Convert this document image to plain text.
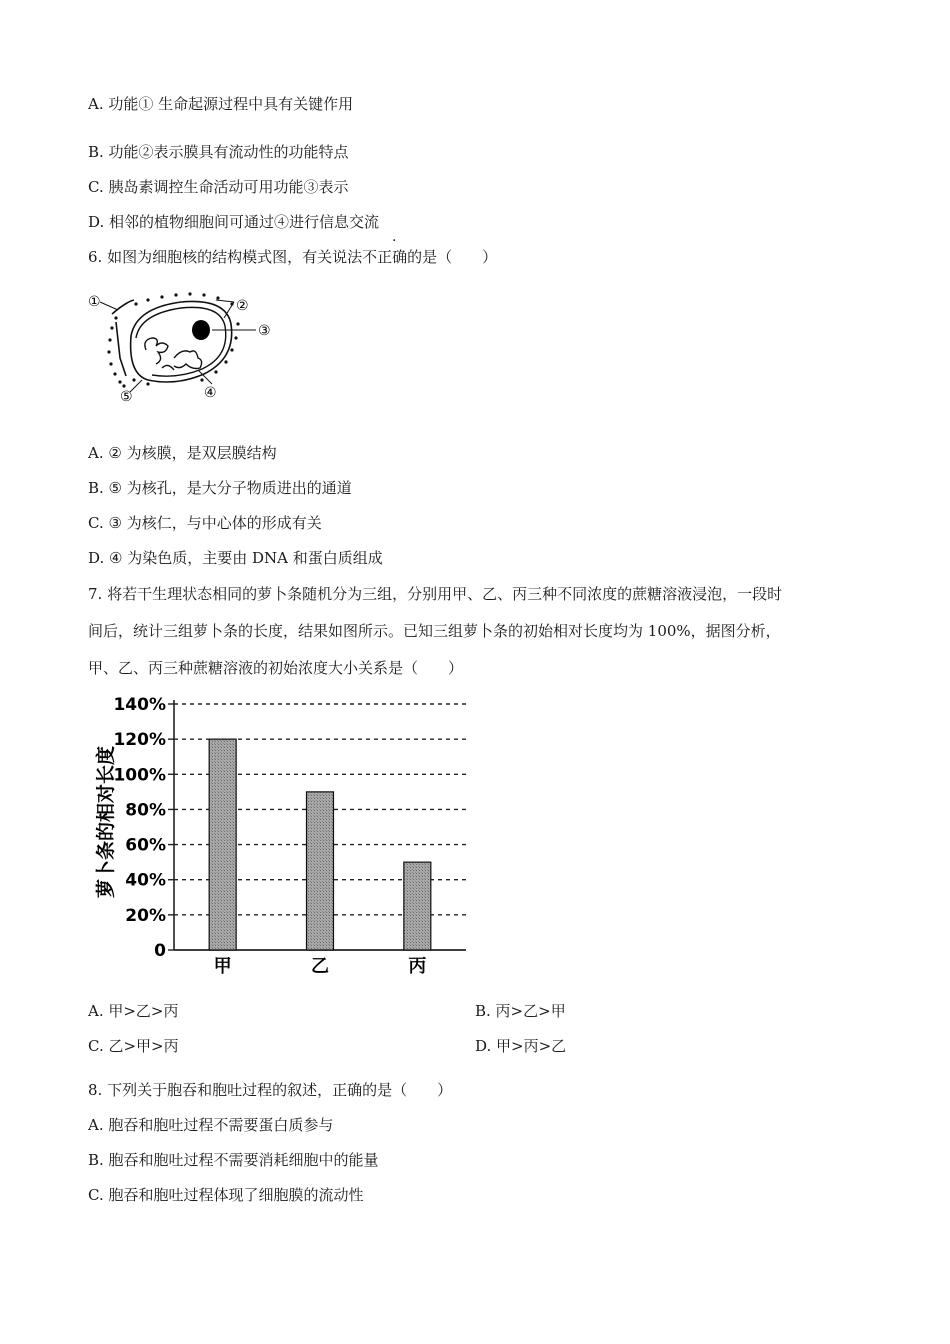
A. 功能① 生命起源过程中具有关键作用
B. 功能②表示膜具有流动性的功能特点
C. 胰岛素调控生命活动可用功能③表示
D. 相邻的植物细胞间可通过④进行信息交流
·
6. 如图为细胞核的结构模式图，有关说法不正确的是（　　）
①	②
③
④
⑤
A. ② 为核膜，是双层膜结构
B. ⑤ 为核孔，是大分子物质进出的通道
C. ③ 为核仁，与中心体的形成有关
D. ④ 为染色质，主要由 DNA 和蛋白质组成
7. 将若干生理状态相同的萝卜条随机分为三组，分别用甲、乙、丙三种不同浓度的蔗糖溶液浸泡，一段时
间后，统计三组萝卜条的长度，结果如图所示。已知三组萝卜条的初始相对长度均为 100%，据图分析，
甲、乙、丙三种蔗糖溶液的初始浓度大小关系是（　　）
0
20%
40%
60%
80%
100%
120%
140%
甲	乙	丙
萝卜条的相对长度
A. 甲>乙>丙	B. 丙>乙>甲
C. 乙>甲>丙	D. 甲>丙>乙
8. 下列关于胞吞和胞吐过程的叙述，正确的是（　　）
A. 胞吞和胞吐过程不需要蛋白质参与
B. 胞吞和胞吐过程不需要消耗细胞中的能量
C. 胞吞和胞吐过程体现了细胞膜的流动性
